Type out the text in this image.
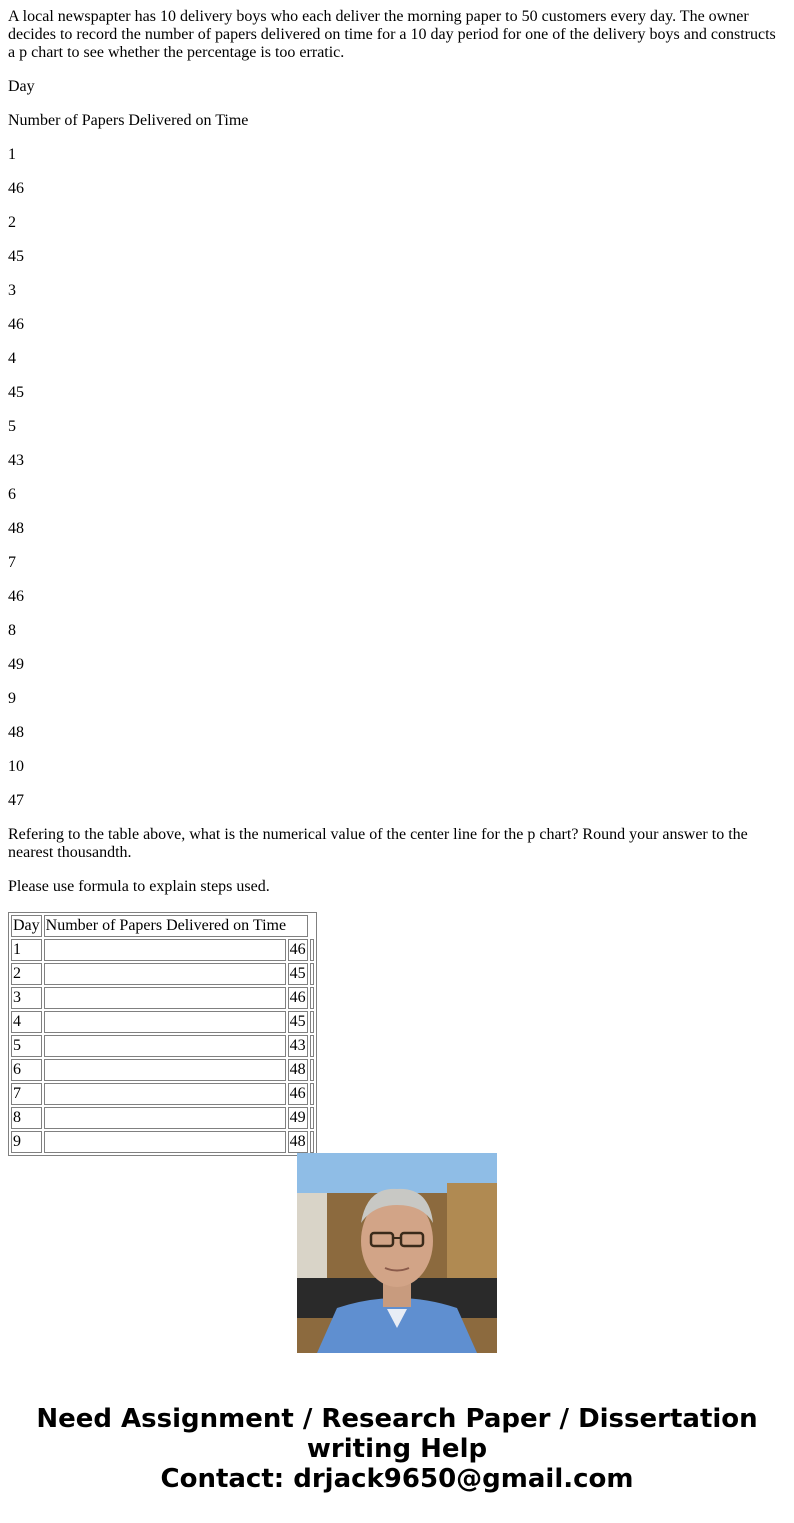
A local newspapter has 10 delivery boys who each deliver the morning paper to 50 customers every day. The owner decides to record the number of papers delivered on time for a 10 day period for one of the delivery boys and constructs a p chart to see whether the percentage is too erratic.

Day

Number of Papers Delivered on Time

1

46

2

45

3

46

4

45

5

43

6

48

7

46

8

49

9

48

10

47

Refering to the table above, what is the numerical value of the center line for the p chart? Round your answer to the nearest thousandth.

Please use formula to explain steps used.

Day	Number of Papers Delivered on Time		
1		46	
2		45	
3		46	
4		45	
5		43	
6		48	
7		46	
8		49	
9		48	
Need Assignment / Research Paper / Dissertation
writing Help
Contact: drjack9650@gmail.com
